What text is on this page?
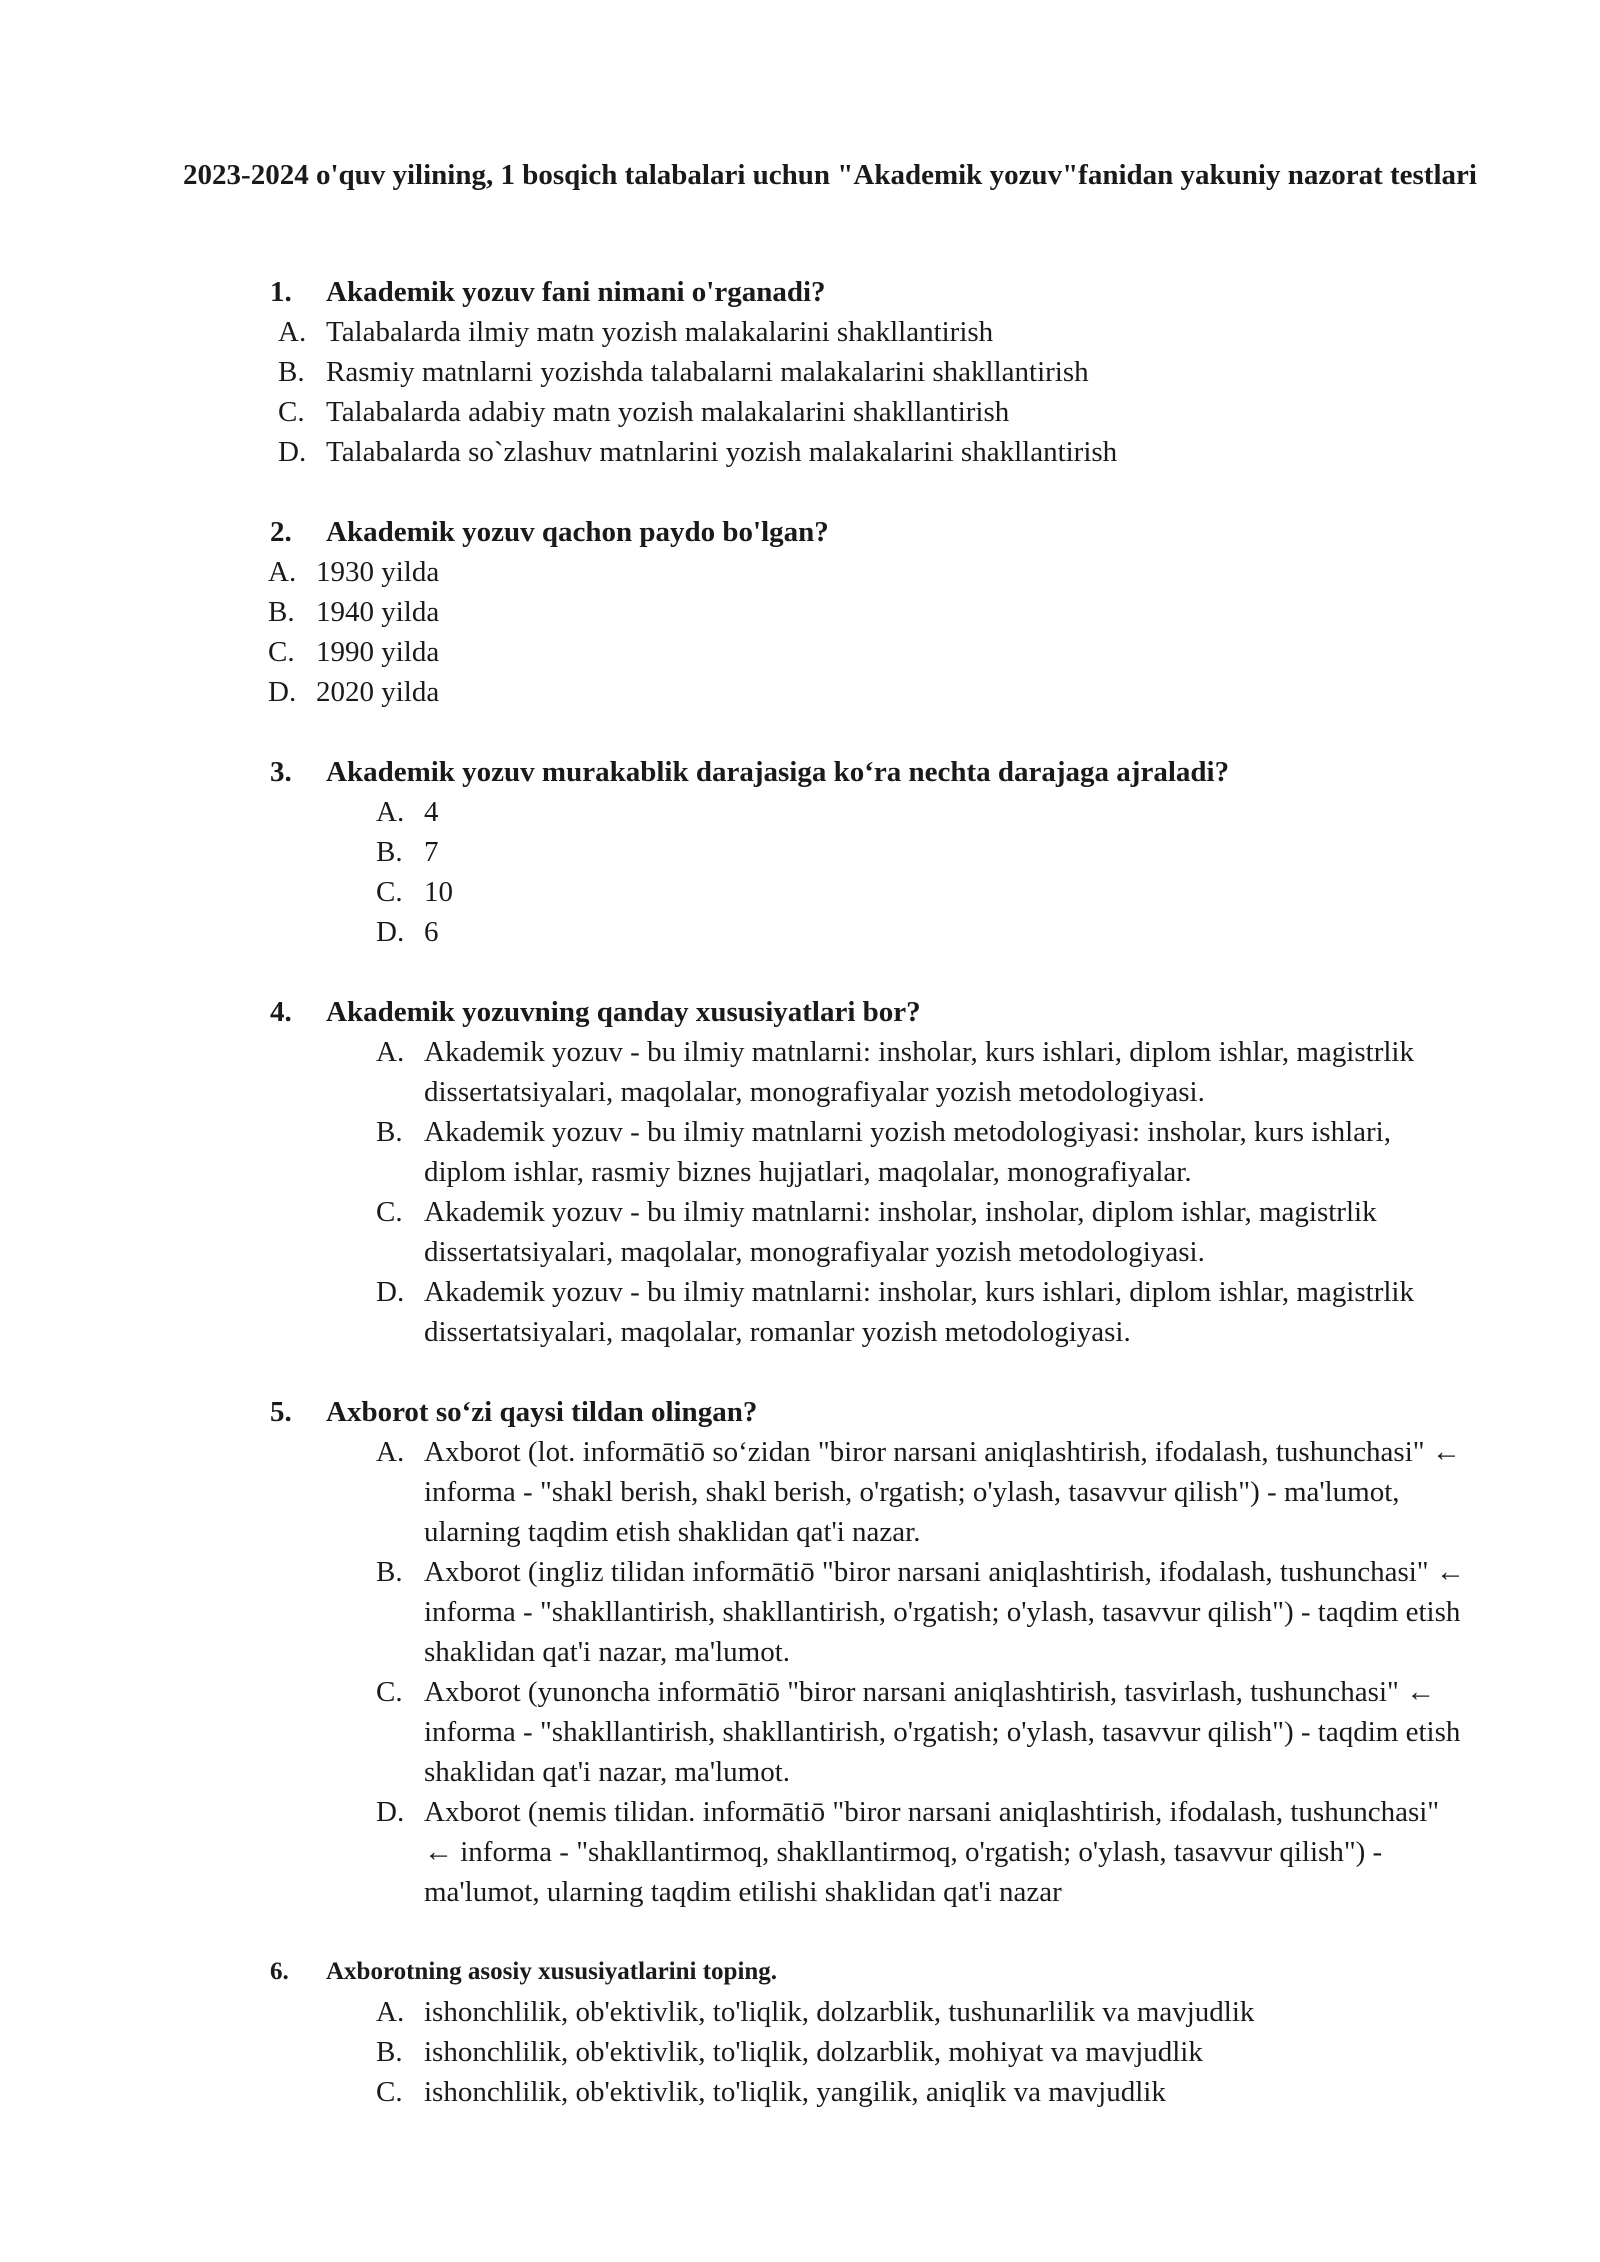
2023-2024 o'quv yilining, 1 bosqich talabalari uchun "Akademik yozuv"fanidan yakuniy nazorat testlari
1. Akademik yozuv fani nimani o'rganadi?
A. Talabalarda ilmiy matn yozish malakalarini shakllantirish
B. Rasmiy matnlarni yozishda talabalarni malakalarini shakllantirish
C. Talabalarda adabiy matn yozish malakalarini shakllantirish
D. Talabalarda so`zlashuv matnlarini yozish malakalarini shakllantirish
2. Akademik yozuv qachon paydo bo'lgan?
A. 1930 yilda
B. 1940 yilda
C. 1990 yilda
D. 2020 yilda
3. Akademik yozuv murakablik darajasiga ko‘ra nechta darajaga ajraladi?
A. 4
B. 7
C. 10
D. 6
4. Akademik yozuvning qanday xususiyatlari bor?
A. Akademik yozuv - bu ilmiy matnlarni: insholar, kurs ishlari, diplom ishlar, magistrlik dissertatsiyalari, maqolalar, monografiyalar yozish metodologiyasi.
B. Akademik yozuv - bu ilmiy matnlarni yozish metodologiyasi: insholar, kurs ishlari, diplom ishlar, rasmiy biznes hujjatlari, maqolalar, monografiyalar.
C. Akademik yozuv - bu ilmiy matnlarni: insholar, insholar, diplom ishlar, magistrlik dissertatsiyalari, maqolalar, monografiyalar yozish metodologiyasi.
D. Akademik yozuv - bu ilmiy matnlarni: insholar, kurs ishlari, diplom ishlar, magistrlik dissertatsiyalari, maqolalar, romanlar yozish metodologiyasi.
5. Axborot so‘zi qaysi tildan olingan?
A. Axborot (lot. informātiō so‘zidan "biror narsani aniqlashtirish, ifodalash, tushunchasi" ← informa - "shakl berish, shakl berish, o'rgatish; o'ylash, tasavvur qilish") - ma'lumot, ularning taqdim etish shaklidan qat'i nazar.
B. Axborot (ingliz tilidan informātiō "biror narsani aniqlashtirish, ifodalash, tushunchasi" ← informa - "shakllantirish, shakllantirish, o'rgatish; o'ylash, tasavvur qilish") - taqdim etish shaklidan qat'i nazar, ma'lumot.
C. Axborot (yunoncha informātiō "biror narsani aniqlashtirish, tasvirlash, tushunchasi" ← informa - "shakllantirish, shakllantirish, o'rgatish; o'ylash, tasavvur qilish") - taqdim etish shaklidan qat'i nazar, ma'lumot.
D. Axborot (nemis tilidan. informātiō "biror narsani aniqlashtirish, ifodalash, tushunchasi" ← informa - "shakllantirmoq, shakllantirmoq, o'rgatish; o'ylash, tasavvur qilish") - ma'lumot, ularning taqdim etilishi shaklidan qat'i nazar
6. Axborotning asosiy xususiyatlarini toping.
A. ishonchlilik, ob'ektivlik, to'liqlik, dolzarblik, tushunarlilik va mavjudlik
B. ishonchlilik, ob'ektivlik, to'liqlik, dolzarblik, mohiyat va mavjudlik
C. ishonchlilik, ob'ektivlik, to'liqlik, yangilik, aniqlik va mavjudlik
